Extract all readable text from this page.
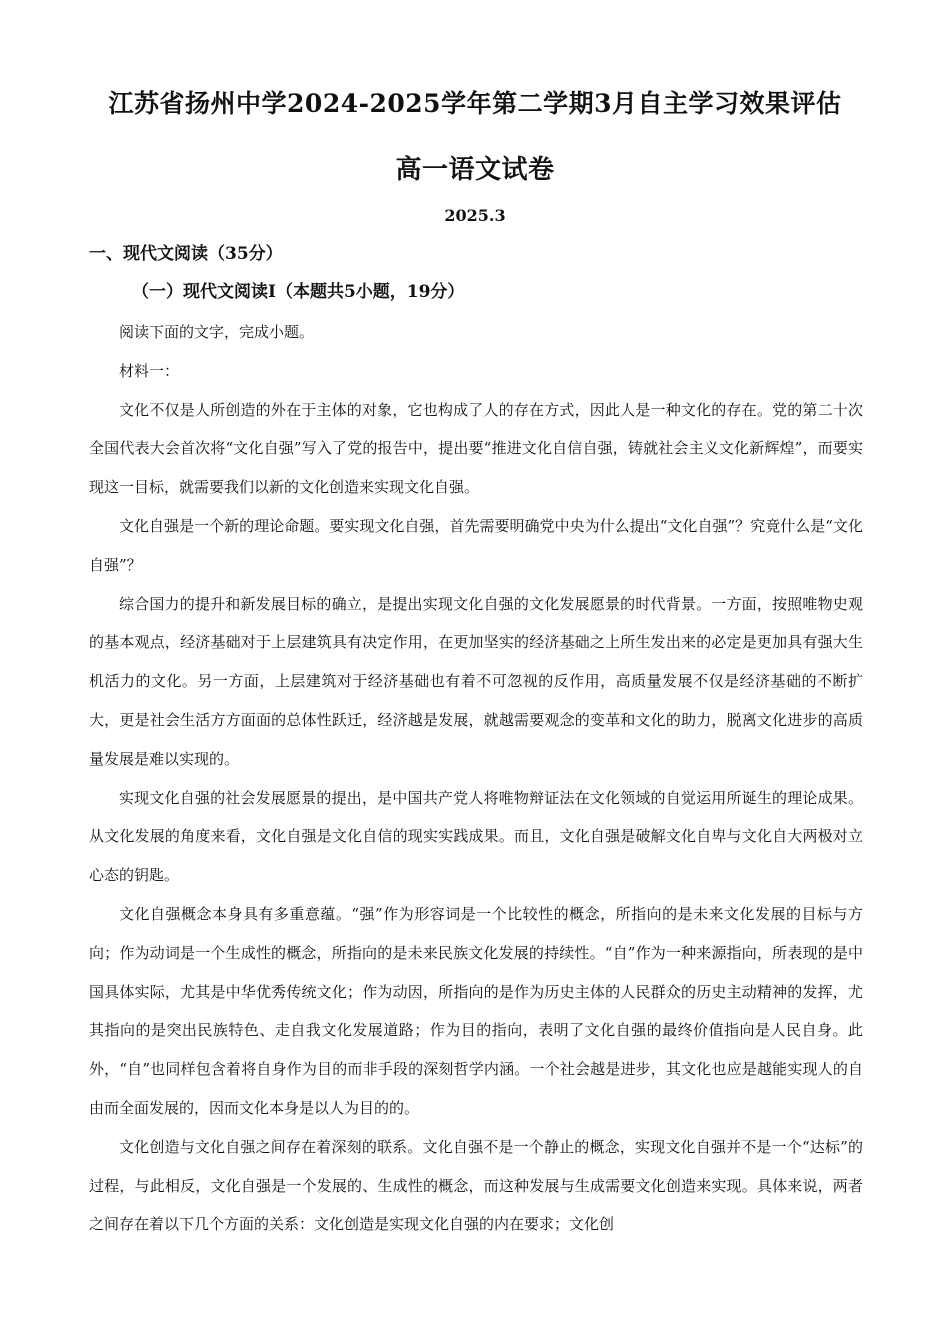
江苏省扬州中学2024-2025学年第二学期3月自主学习效果评估
高一语文试卷
2025.3
一、现代文阅读（35分）
（一）现代文阅读Ⅰ（本题共5小题，19分）

阅读下面的文字，完成小题。

材料一：

文化不仅是人所创造的外在于主体的对象，它也构成了人的存在方式，因此人是一种文化的存在。党的第二十次全国代表大会首次将“文化自强”写入了党的报告中，提出要“推进文化自信自强，铸就社会主义文化新辉煌”，而要实现这一目标，就需要我们以新的文化创造来实现文化自强。

文化自强是一个新的理论命题。要实现文化自强，首先需要明确党中央为什么提出“文化自强”？究竟什么是“文化自强”？

综合国力的提升和新发展目标的确立，是提出实现文化自强的文化发展愿景的时代背景。一方面，按照唯物史观的基本观点，经济基础对于上层建筑具有决定作用，在更加坚实的经济基础之上所生发出来的必定是更加具有强大生机活力的文化。另一方面，上层建筑对于经济基础也有着不可忽视的反作用，高质量发展不仅是经济基础的不断扩大，更是社会生活方方面面的总体性跃迁，经济越是发展，就越需要观念的变革和文化的助力，脱离文化进步的高质量发展是难以实现的。

实现文化自强的社会发展愿景的提出，是中国共产党人将唯物辩证法在文化领域的自觉运用所诞生的理论成果。从文化发展的角度来看，文化自强是文化自信的现实实践成果。而且，文化自强是破解文化自卑与文化自大两极对立心态的钥匙。

文化自强概念本身具有多重意蕴。“强”作为形容词是一个比较性的概念，所指向的是未来文化发展的目标与方向；作为动词是一个生成性的概念，所指向的是未来民族文化发展的持续性。“自”作为一种来源指向，所表现的是中国具体实际，尤其是中华优秀传统文化；作为动因，所指向的是作为历史主体的人民群众的历史主动精神的发挥，尤其指向的是突出民族特色、走自我文化发展道路；作为目的指向，表明了文化自强的最终价值指向是人民自身。此外，“自”也同样包含着将自身作为目的而非手段的深刻哲学内涵。一个社会越是进步，其文化也应是越能实现人的自由而全面发展的，因而文化本身是以人为目的的。

文化创造与文化自强之间存在着深刻的联系。文化自强不是一个静止的概念，实现文化自强并不是一个“达标”的过程，与此相反，文化自强是一个发展的、生成性的概念，而这种发展与生成需要文化创造来实现。具体来说，两者之间存在着以下几个方面的关系：文化创造是实现文化自强的内在要求；文化创
